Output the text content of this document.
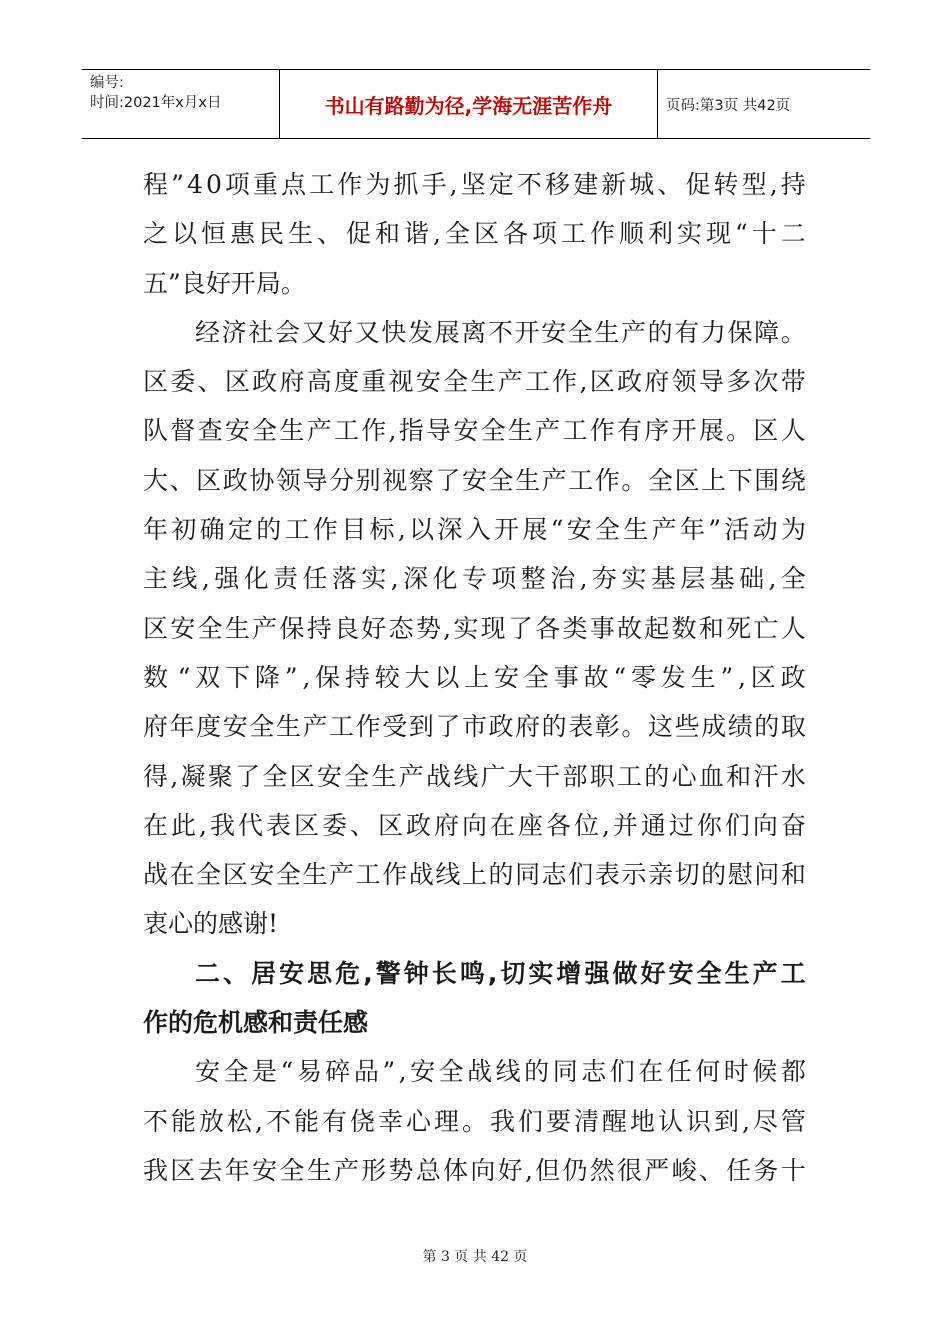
编号:
时间:2021年x月x日	书山有路勤为径,学海无涯苦作舟	页码:第3页 共42页
程 ” 4 0 项 重 点 工 作 为 抓 手 , 坚 定 不 移 建 新 城 、 促 转 型 , 持
之 以 恒 惠 民 生 、 促 和 谐 , 全 区 各 项 工 作 顺 利 实 现 “ 十 二
五”良好开局。
经 济 社 会 又 好 又 快 发 展 离 不 开 安 全 生 产 的 有 力 保 障 。
区 委 、 区 政 府 高 度 重 视 安 全 生 产 工 作 , 区 政 府 领 导 多 次 带
队 督 查 安 全 生 产 工 作 , 指 导 安 全 生 产 工 作 有 序 开 展 。 区 人
大 、 区 政 协 领 导 分 别 视 察 了 安 全 生 产 工 作 。 全 区 上 下 围 绕
年 初 确 定 的 工 作 目 标 , 以 深 入 开 展 “ 安 全 生 产 年 ” 活 动 为
主 线 , 强 化 责 任 落 实 , 深 化 专 项 整 治 , 夯 实 基 层 基 础 , 全
区 安 全 生 产 保 持 良 好 态 势 , 实 现 了 各 类 事 故 起 数 和 死 亡 人
数 “ 双 下 降 ” , 保 持 较 大 以 上 安 全 事 故 “ 零 发 生 ” , 区 政
府 年 度 安 全 生 产 工 作 受 到 了 市 政 府 的 表 彰 。 这 些 成 绩 的 取
得 , 凝 聚 了 全 区 安 全 生 产 战 线 广 大 干 部 职 工 的 心 血 和 汗 水
在 此 , 我 代 表 区 委 、 区 政 府 向 在 座 各 位 , 并 通 过 你 们 向 奋
战 在 全 区 安 全 生 产 工 作 战 线 上 的 同 志 们 表 示 亲 切 的 慰 问 和
衷心的感谢!
二 、 居 安 思 危 , 警 钟 长 鸣 , 切 实 增 强 做 好 安 全 生 产 工
作的危机感和责任感
安 全 是 “ 易 碎 品 ” , 安 全 战 线 的 同 志 们 在 任 何 时 候 都
不 能 放 松 , 不 能 有 侥 幸 心 理 。 我 们 要 清 醒 地 认 识 到 , 尽 管
我 区 去 年 安 全 生 产 形 势 总 体 向 好 , 但 仍 然 很 严 峻 、 任 务 十
第 3 页 共 42 页
